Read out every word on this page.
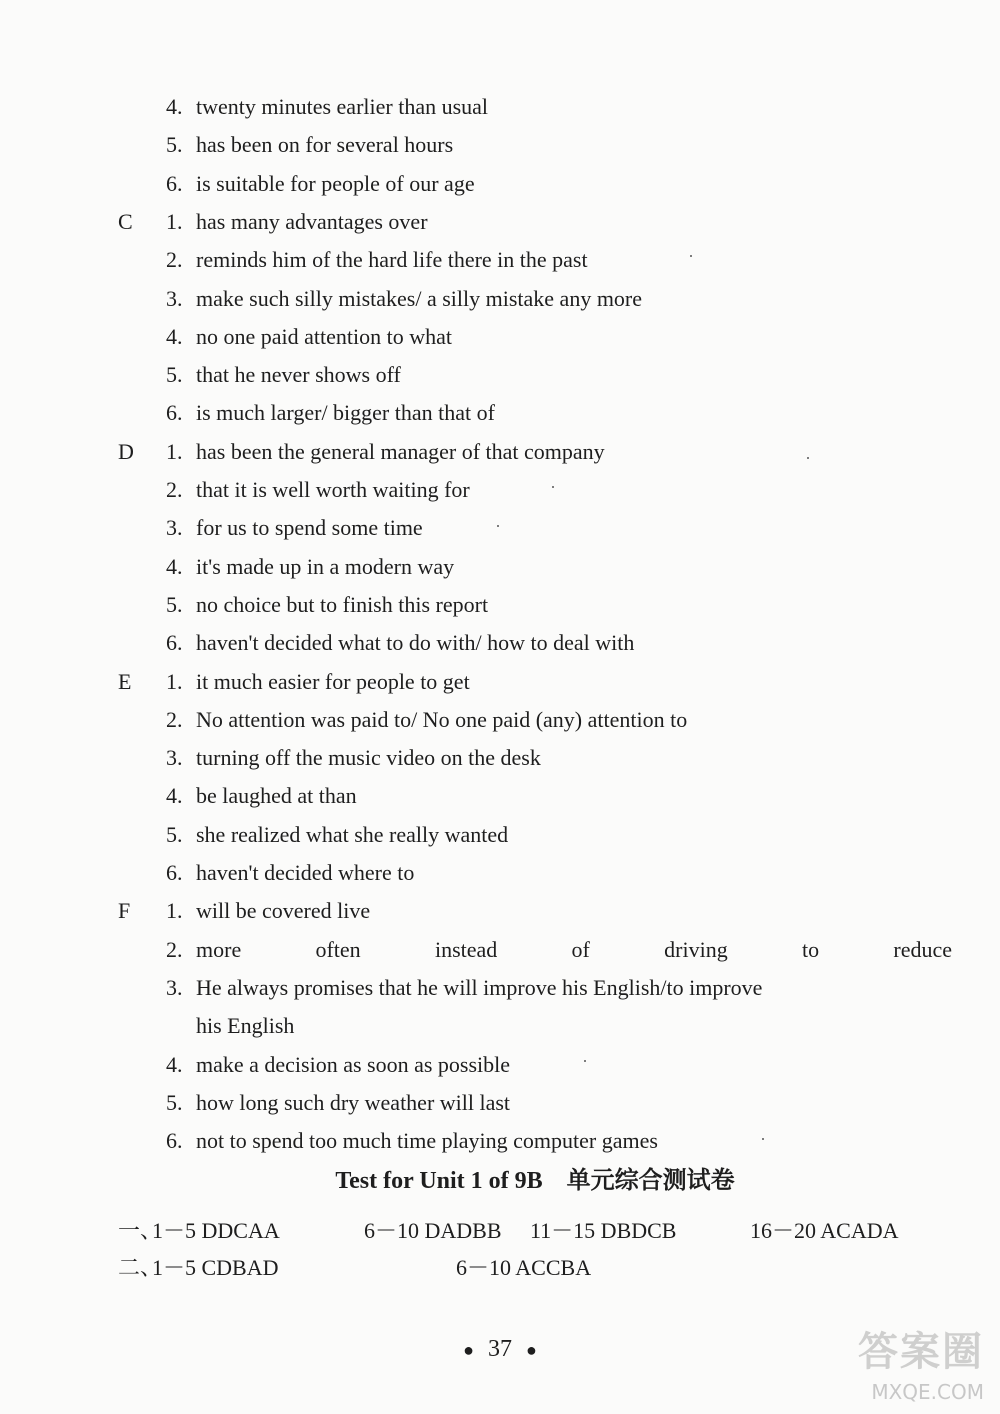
4. twenty minutes earlier than usual
5. has been on for several hours
6. is suitable for people of our age
C 1. has many advantages over
2. reminds him of the hard life there in the past
3. make such silly mistakes/ a silly mistake any more
4. no one paid attention to what
5. that he never shows off
6. is much larger/ bigger than that of
D 1. has been the general manager of that company
2. that it is well worth waiting for
3. for us to spend some time
4. it's made up in a modern way
5. no choice but to finish this report
6. haven't decided what to do with/ how to deal with
E 1. it much easier for people to get
2. No attention was paid to/ No one paid (any) attention to
3. turning off the music video on the desk
4. be laughed at than
5. she realized what she really wanted
6. haven't decided where to
F 1. will be covered live
2. more often instead of driving to reduce
3. He always promises that he will improve his English/to improve
his English
4. make a decision as soon as possible
5. how long such dry weather will last
6. not to spend too much time playing computer games
Test for Unit 1 of 9B　单元综合测试卷
一、
1－5 DDCAA	6－10 DADBB 11－15 DBDCB	16－20 ACADA
二、
1－5 CDBAD	6－10 ACCBA
● 37 ●	答案圈
MXQE.COM
